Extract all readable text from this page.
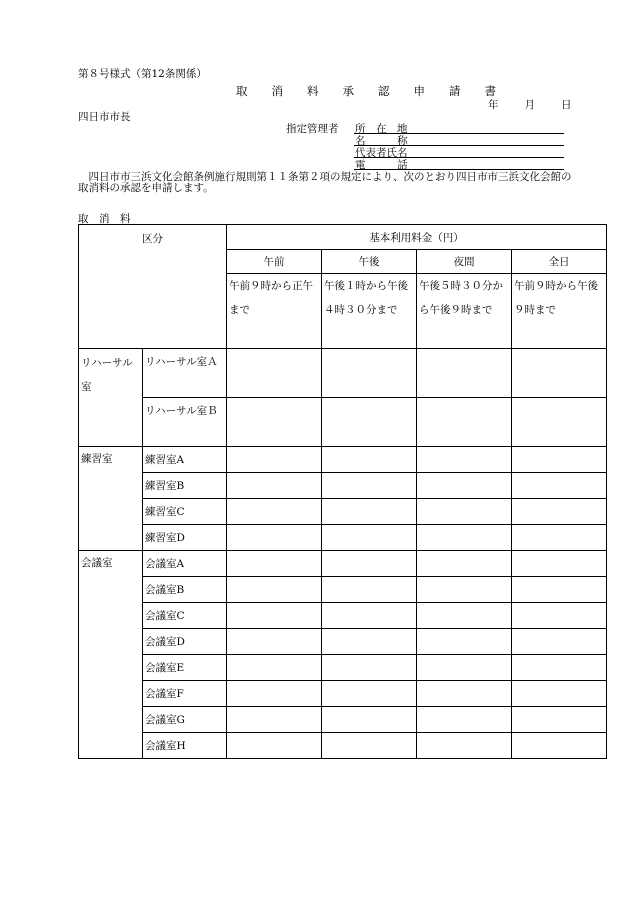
第８号様式（第12条関係）
取 消 料 承 認 申 請 書
年 月 日
四日市市長
指定管理者 所　在　地
名　　　称
代表者氏名
電　　　話
四日市市三浜文化会館条例施行規則第１１条第２項の規定により、次のとおり四日市市三浜文化会館の取消料の承認を申請します。
取　消　料
区分		基本利用料金（円）			
		午前	午後	夜間	全日
		午前９時から正午まで	午後１時から午後４時３０分まで	午後５時３０分から午後９時まで	午前９時から午後９時まで
リハーサル室	リハーサル室Ａ				
	リハーサル室Ｂ				
練習室	練習室A				
	練習室B				
	練習室C				
	練習室D				
会議室	会議室A				
	会議室B				
	会議室C				
	会議室D				
	会議室E				
	会議室F				
	会議室G				
	会議室H				
